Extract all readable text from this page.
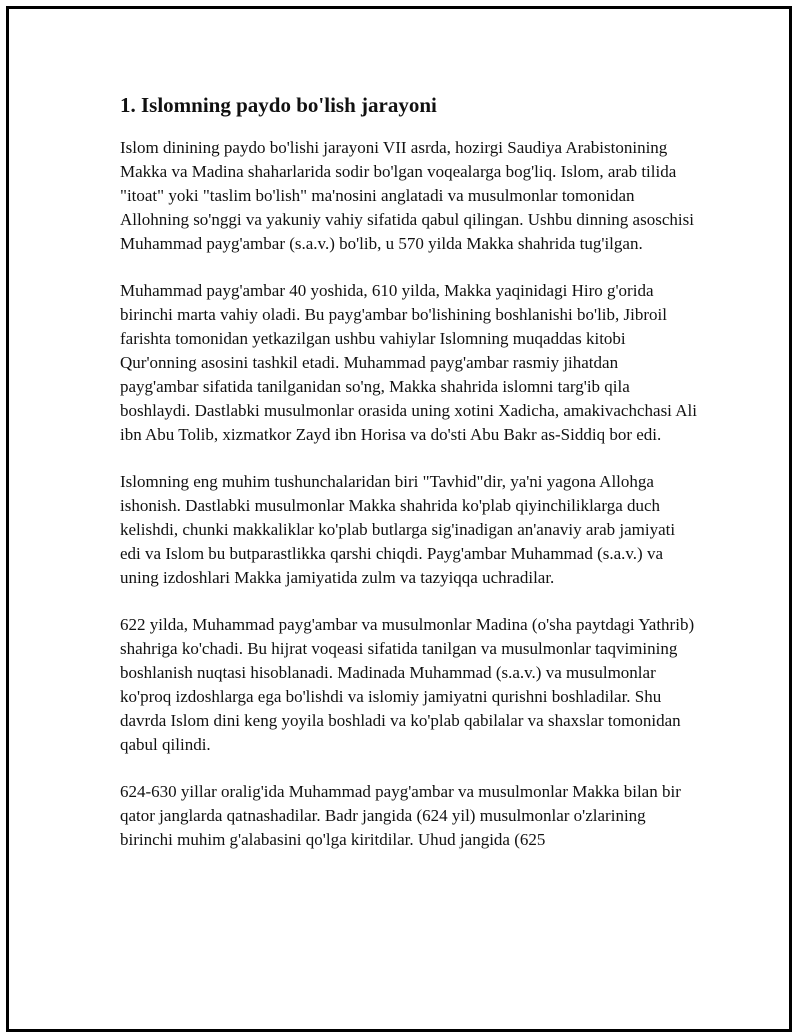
1. Islomning paydo bo'lish jarayoni

Islom dinining paydo bo'lishi jarayoni VII asrda, hozirgi Saudiya Arabistonining Makka va Madina shaharlarida sodir bo'lgan voqealarga bog'liq. Islom, arab tilida "itoat" yoki "taslim bo'lish" ma'nosini anglatadi va musulmonlar tomonidan Allohning so'nggi va yakuniy vahiy sifatida qabul qilingan. Ushbu dinning asoschisi Muhammad payg'ambar (s.a.v.) bo'lib, u 570 yilda Makka shahrida tug'ilgan.

Muhammad payg'ambar 40 yoshida, 610 yilda, Makka yaqinidagi Hiro g'orida birinchi marta vahiy oladi. Bu payg'ambar bo'lishining boshlanishi bo'lib, Jibroil farishta tomonidan yetkazilgan ushbu vahiylar Islomning muqaddas kitobi Qur'onning asosini tashkil etadi. Muhammad payg'ambar rasmiy jihatdan payg'ambar sifatida tanilganidan so'ng, Makka shahrida islomni targ'ib qila boshlaydi. Dastlabki musulmonlar orasida uning xotini Xadicha, amakivachchasi Ali ibn Abu Tolib, xizmatkor Zayd ibn Horisa va do'sti Abu Bakr as-Siddiq bor edi.

Islomning eng muhim tushunchalaridan biri "Tavhid"dir, ya'ni yagona Allohga ishonish. Dastlabki musulmonlar Makka shahrida ko'plab qiyinchiliklarga duch kelishdi, chunki makkaliklar ko'plab butlarga sig'inadigan an'anaviy arab jamiyati edi va Islom bu butparastlikka qarshi chiqdi. Payg'ambar Muhammad (s.a.v.) va uning izdoshlari Makka jamiyatida zulm va tazyiqqa uchradilar.

622 yilda, Muhammad payg'ambar va musulmonlar Madina (o'sha paytdagi Yathrib) shahriga ko'chadi. Bu hijrat voqeasi sifatida tanilgan va musulmonlar taqvimining boshlanish nuqtasi hisoblanadi. Madinada Muhammad (s.a.v.) va musulmonlar ko'proq izdoshlarga ega bo'lishdi va islomiy jamiyatni qurishni boshladilar. Shu davrda Islom dini keng yoyila boshladi va ko'plab qabilalar va shaxslar tomonidan qabul qilindi.

624-630 yillar oralig'ida Muhammad payg'ambar va musulmonlar Makka bilan bir qator janglarda qatnashadilar. Badr jangida (624 yil) musulmonlar o'zlarining birinchi muhim g'alabasini qo'lga kiritdilar. Uhud jangida (625
